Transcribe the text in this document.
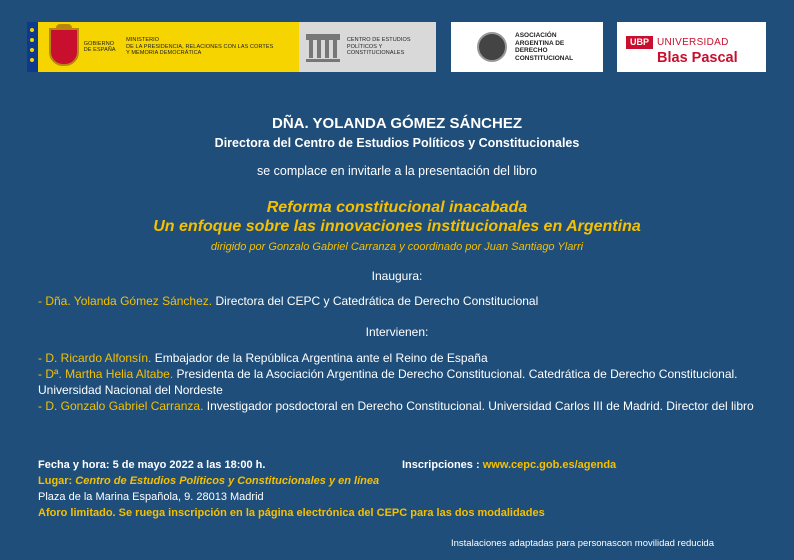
GOBIERNO
DE ESPAÑA
MINISTERIO
DE LA PRESIDENCIA, RELACIONES CON LAS CORTES
Y MEMORIA DEMOCRÁTICA
CENTRO DE ESTUDIOS
POLÍTICOS Y CONSTITUCIONALES
ASOCIACIÓN
ARGENTINA DE
DERECHO
CONSTITUCIONAL
UBP UNIVERSIDAD
Blas Pascal
DÑA. YOLANDA GÓMEZ SÁNCHEZ
Directora del Centro de Estudios Políticos y Constitucionales
se complace en invitarle a la presentación del libro
Reforma constitucional inacabada
Un enfoque sobre las innovaciones institucionales en Argentina
dirigido por Gonzalo Gabriel Carranza y coordinado por Juan Santiago Ylarri
Inaugura:
- Dña. Yolanda Gómez Sánchez. Directora del CEPC y Catedrática de Derecho Constitucional
Intervienen:
- D. Ricardo Alfonsín. Embajador de la República Argentina ante el Reino de España
- Dª. Martha Helia Altabe. Presidenta de la Asociación Argentina de Derecho Constitucional. Catedrática de Derecho Constitucional. Universidad Nacional del Nordeste
- D. Gonzalo Gabriel Carranza. Investigador posdoctoral en Derecho Constitucional. Universidad Carlos III de Madrid. Director del libro
Fecha y hora: 5 de mayo 2022 a las 18:00 h.	Inscripciones : www.cepc.gob.es/agenda
Lugar: Centro de Estudios Políticos y Constitucionales y en línea
Plaza de la Marina Española, 9. 28013 Madrid
Aforo limitado. Se ruega inscripción en la página electrónica del CEPC para las dos modalidades
Instalaciones adaptadas para personascon movilidad reducida
